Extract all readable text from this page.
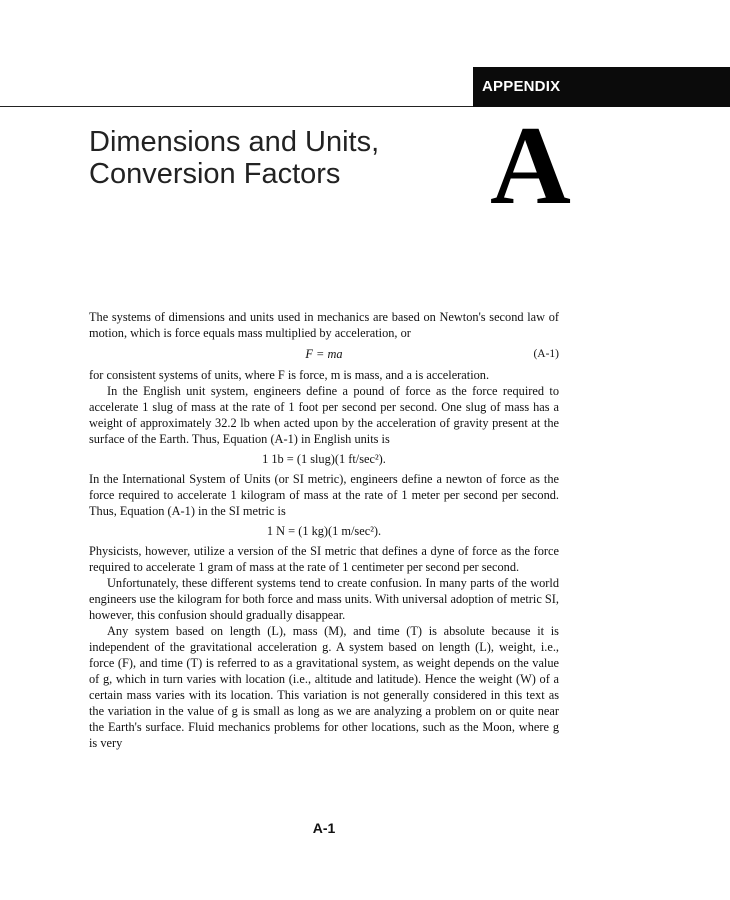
APPENDIX
Dimensions and Units,
Conversion Factors	A

The systems of dimensions and units used in mechanics are based on Newton's second law of motion, which is force equals mass multiplied by acceleration, or

F = ma	(A-1)

for consistent systems of units, where F is force, m is mass, and a is acceleration.

In the English unit system, engineers define a pound of force as the force required to accelerate 1 slug of mass at the rate of 1 foot per second per second. One slug of mass has a weight of approximately 32.2 lb when acted upon by the acceleration of gravity present at the surface of the Earth. Thus, Equation (A-1) in English units is

1 1b = (1 slug)(1 ft/sec²).

In the International System of Units (or SI metric), engineers define a newton of force as the force required to accelerate 1 kilogram of mass at the rate of 1 meter per second per second. Thus, Equation (A-1) in the SI metric is

1 N = (1 kg)(1 m/sec²).

Physicists, however, utilize a version of the SI metric that defines a dyne of force as the force required to accelerate 1 gram of mass at the rate of 1 centimeter per second per second.

Unfortunately, these different systems tend to create confusion. In many parts of the world engineers use the kilogram for both force and mass units. With universal adoption of metric SI, however, this confusion should gradually disappear.

Any system based on length (L), mass (M), and time (T) is absolute because it is independent of the gravitational acceleration g. A system based on length (L), weight, i.e., force (F), and time (T) is referred to as a gravitational system, as weight depends on the value of g, which in turn varies with location (i.e., altitude and latitude). Hence the weight (W) of a certain mass varies with its location. This variation is not generally considered in this text as the variation in the value of g is small as long as we are analyzing a problem on or quite near the Earth's surface. Fluid mechanics problems for other locations, such as the Moon, where g is very

A-1
